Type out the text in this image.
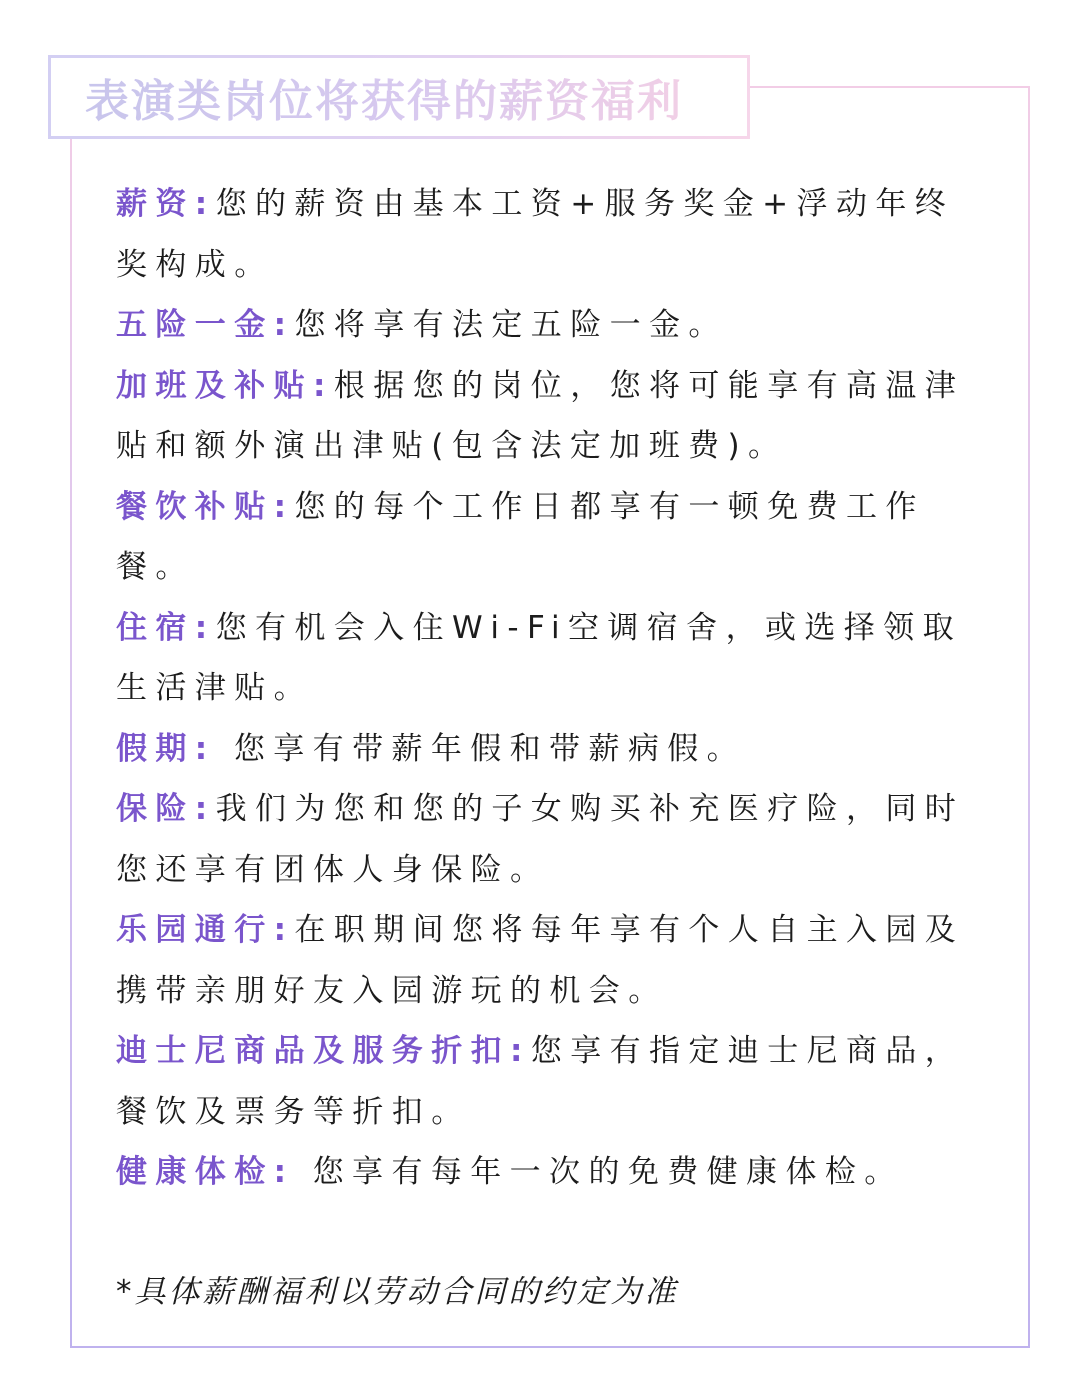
表演类岗位将获得的薪资福利

薪资:您的薪资由基本工资+服务奖金+浮动年终奖构成。

五险一金:您将享有法定五险一金。

加班及补贴:根据您的岗位，您将可能享有高温津贴和额外演出津贴(包含法定加班费)。

餐饮补贴:您的每个工作日都享有一顿免费工作餐。

住宿:您有机会入住Wi-Fi空调宿舍，或选择领取生活津贴。

假期: 您享有带薪年假和带薪病假。

保险:我们为您和您的子女购买补充医疗险，同时您还享有团体人身保险。

乐园通行:在职期间您将每年享有个人自主入园及携带亲朋好友入园游玩的机会。

迪士尼商品及服务折扣:您享有指定迪士尼商品，餐饮及票务等折扣。

健康体检: 您享有每年一次的免费健康体检。

*具体薪酬福利以劳动合同的约定为准
